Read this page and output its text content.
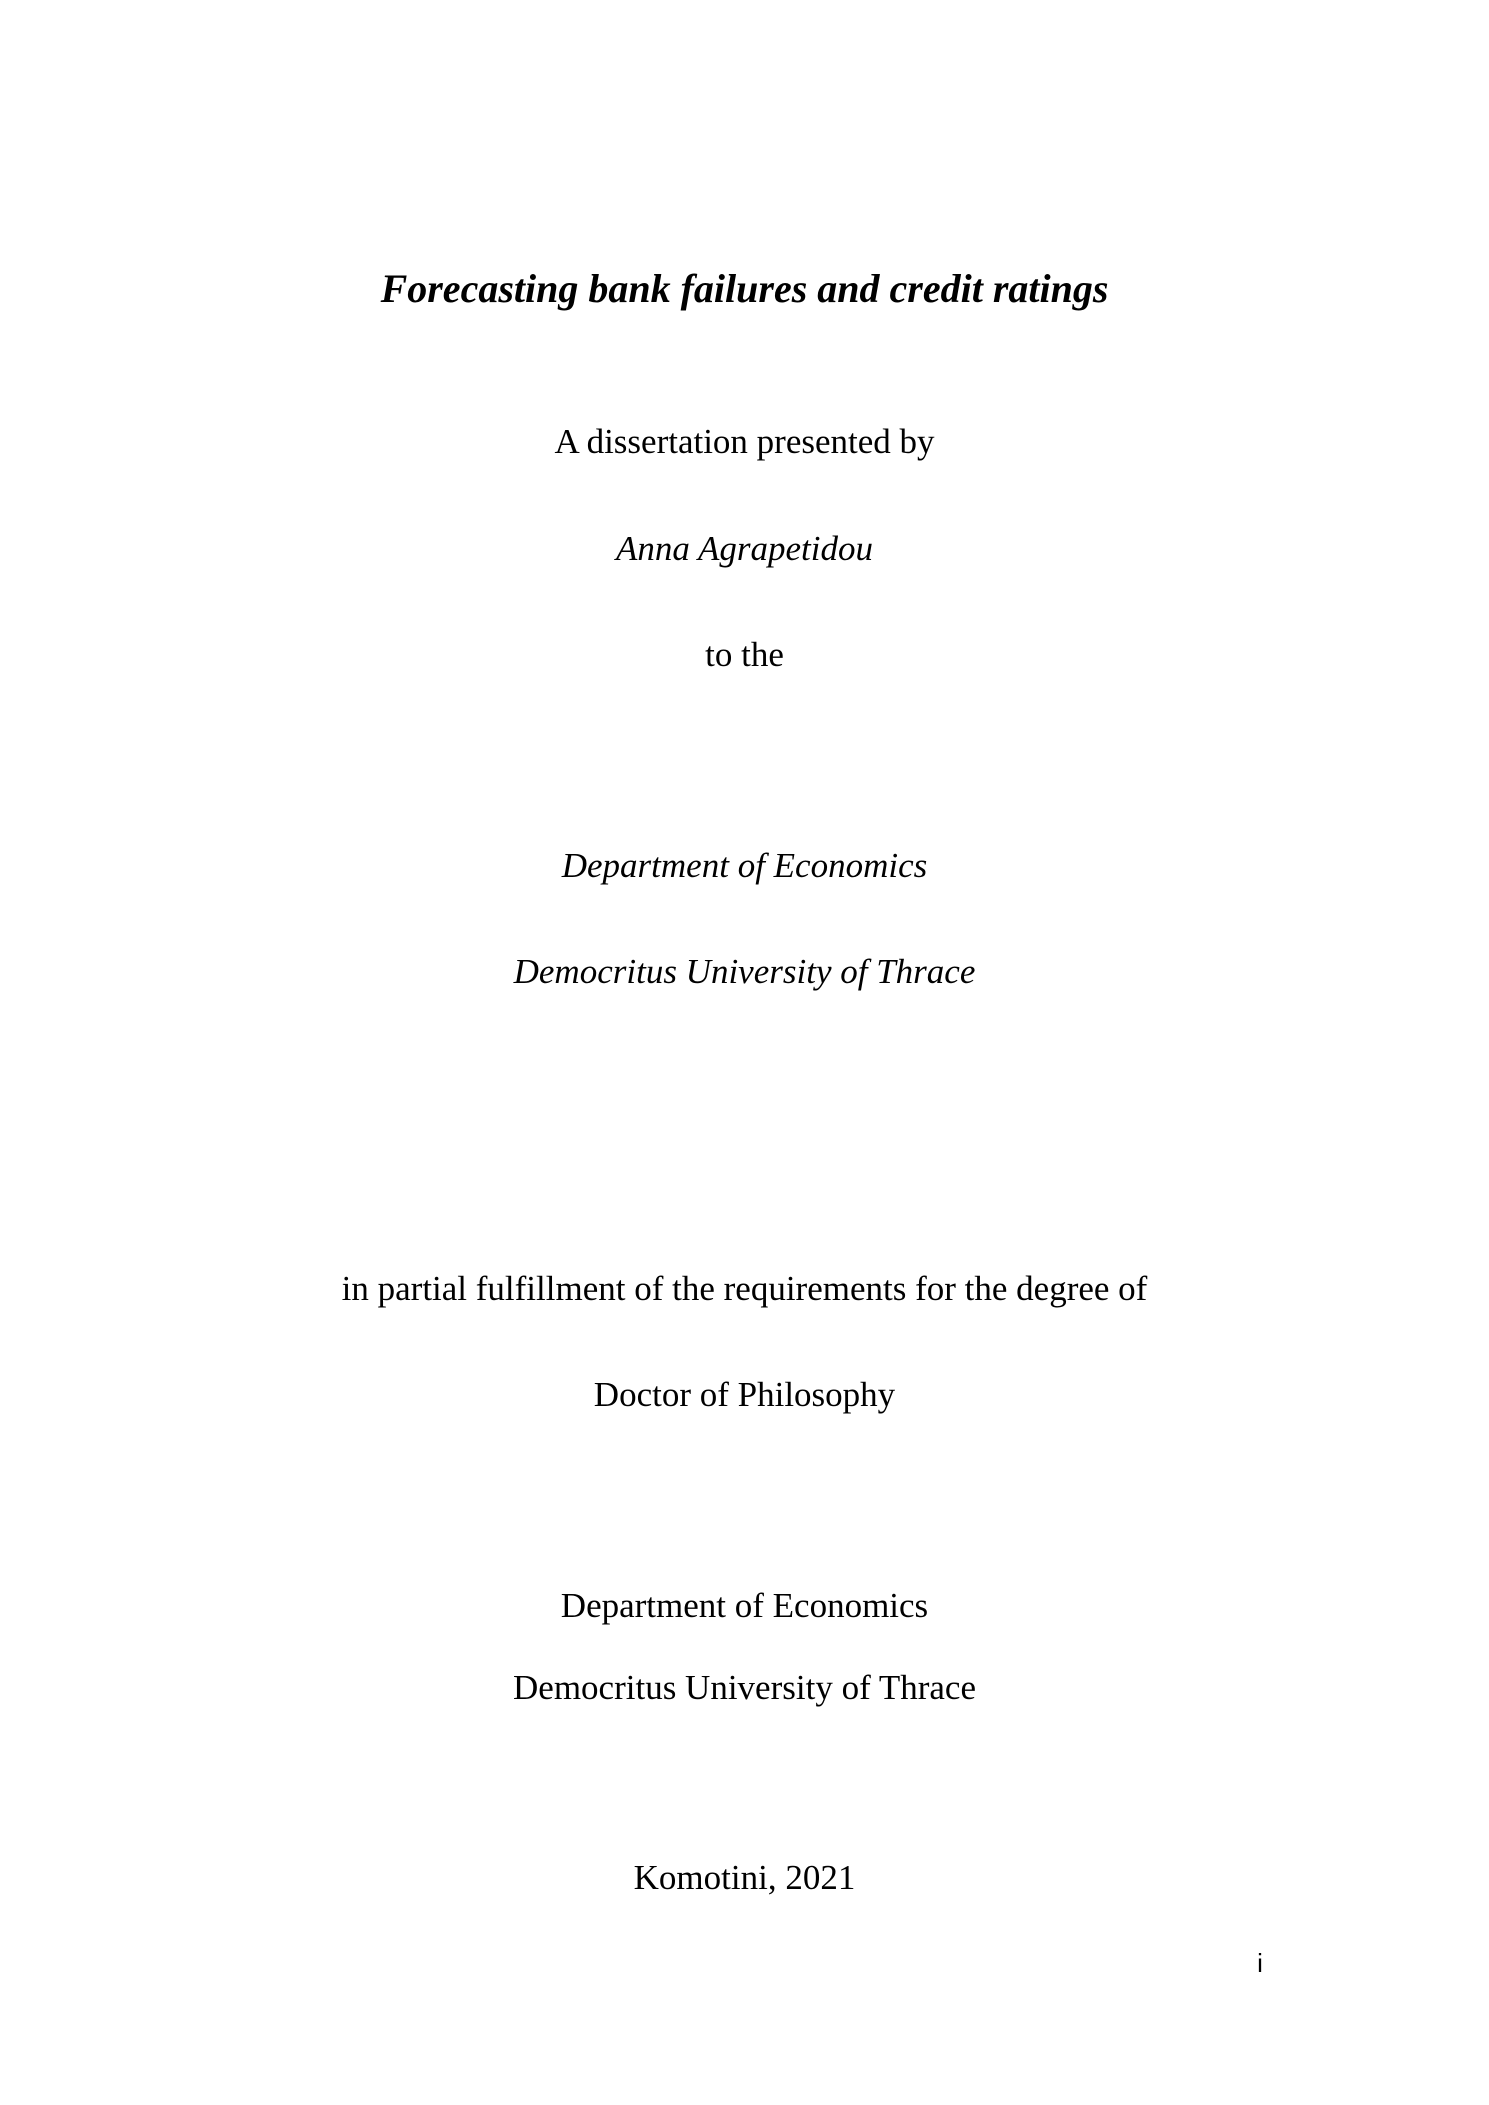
Forecasting bank failures and credit ratings
A dissertation presented by
Anna Agrapetidou
to the
Department of Economics
Democritus University of Thrace
in partial fulfillment of the requirements for the degree of
Doctor of Philosophy
Department of Economics
Democritus University of Thrace
Komotini, 2021
i
